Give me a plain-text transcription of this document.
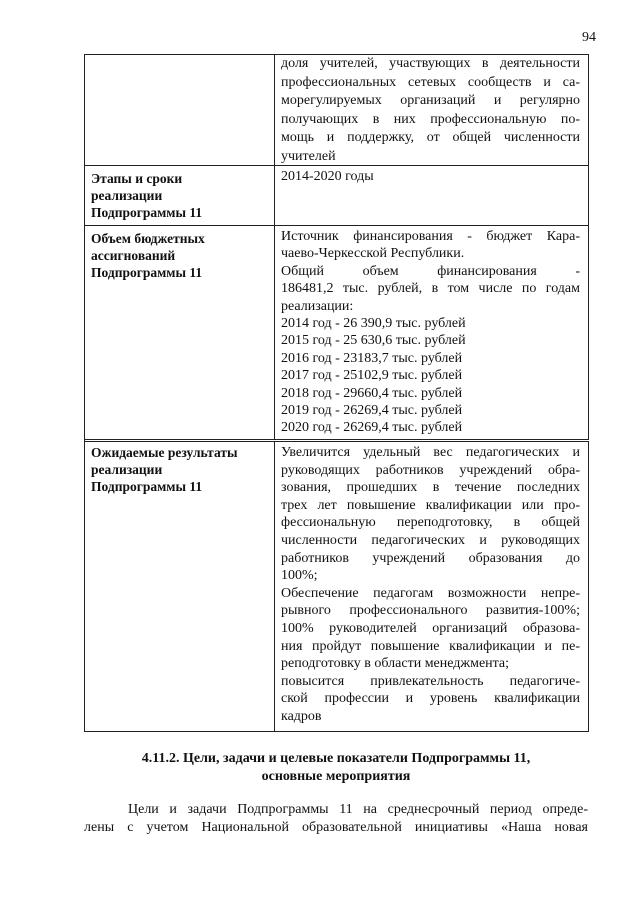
94
доля учителей, участвующих в деятельности
профессиональных сетевых сообществ и са-
морегулируемых организаций и регулярно
получающих в них профессиональную по-
мощь и поддержку, от общей численности
учителей
Этапы и сроки
реализации
Подпрограммы 11
2014-2020 годы
Объем бюджетных
ассигнований
Подпрограммы 11
Источник финансирования - бюджет Кара-
чаево-Черкесской Республики.
Общий объем финансирования -
186481,2 тыс. рублей, в том числе по годам
реализации:
2014 год - 26 390,9 тыс. рублей
2015 год - 25 630,6 тыс. рублей
2016 год - 23183,7 тыс. рублей
2017 год - 25102,9 тыс. рублей
2018 год - 29660,4 тыс. рублей
2019 год - 26269,4 тыс. рублей
2020 год - 26269,4 тыс. рублей
Ожидаемые результаты
реализации
Подпрограммы 11
Увеличится удельный вес педагогических и
руководящих работников учреждений обра-
зования, прошедших в течение последних
трех лет повышение квалификации или про-
фессиональную переподготовку, в общей
численности педагогических и руководящих
работников учреждений образования до
100%;
Обеспечение педагогам возможности непре-
рывного профессионального развития-100%;
100% руководителей организаций образова-
ния пройдут повышение квалификации и пе-
реподготовку в области менеджмента;
повысится привлекательность педагогиче-
ской профессии и уровень квалификации
кадров
4.11.2. Цели, задачи и целевые показатели Подпрограммы 11,
основные мероприятия
Цели и задачи Подпрограммы 11 на среднесрочный период опреде-
лены с учетом Национальной образовательной инициативы «Наша новая
